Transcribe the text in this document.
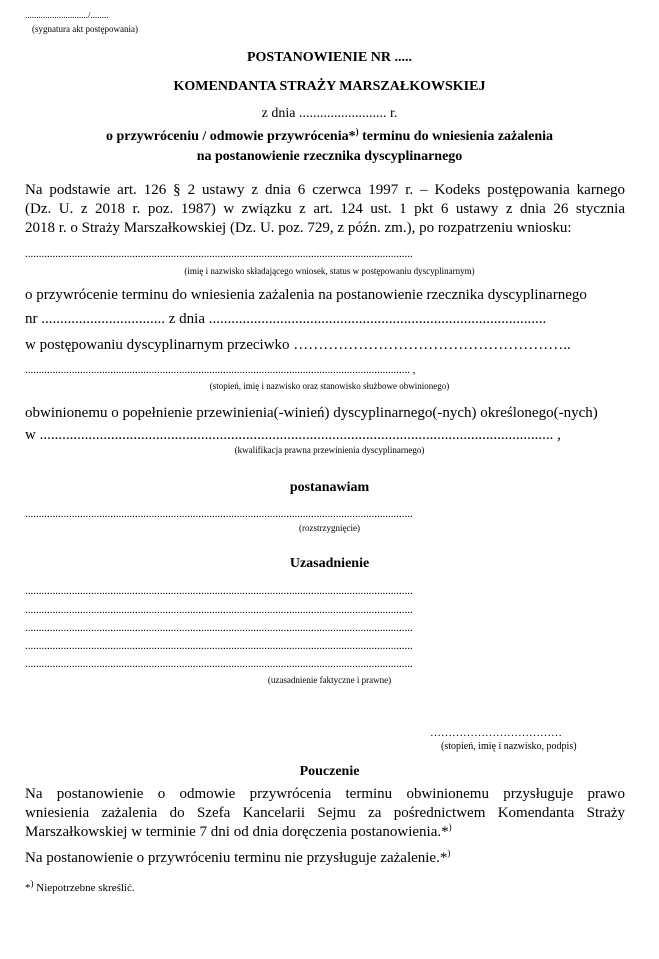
............................/........
(sygnatura akt postępowania)
POSTANOWIENIE NR .....
KOMENDANTA STRAŻY MARSZAŁKOWSKIEJ
z dnia ......................... r.
o przywróceniu / odmowie przywrócenia*) terminu do wniesienia zażalenia
na postanowienie rzecznika dyscyplinarnego
Na podstawie art. 126 § 2 ustawy z dnia 6 czerwca 1997 r. – Kodeks postępowania karnego
(Dz. U. z 2018 r. poz. 1987) w związku z art. 124 ust. 1 pkt 6 ustawy z dnia 26 stycznia
2018 r. o Straży Marszałkowskiej (Dz. U. poz. 729, z późn. zm.), po rozpatrzeniu wniosku:
.............................................................................................................................................
(imię i nazwisko składającego wniosek, status w postępowaniu dyscyplinarnym)
o przywrócenie terminu do wniesienia zażalenia na postanowienie rzecznika dyscyplinarnego
nr ................................. z dnia ..........................................................................................
w postępowaniu dyscyplinarnym przeciwko ………………………………………………..
............................................................................................................................................ ,
(stopień, imię i nazwisko oraz stanowisko służbowe obwinionego)
obwinionemu o popełnienie przewinienia(-winień) dyscyplinarnego(-nych) określonego(-nych)
w ......................................................................................................................................... ,
(kwalifikacja prawna przewinienia dyscyplinarnego)
postanawiam
.............................................................................................................................................
(rozstrzygnięcie)
Uzasadnienie
.............................................................................................................................................
.............................................................................................................................................
.............................................................................................................................................
.............................................................................................................................................
.............................................................................................................................................
(uzasadnienie faktyczne i prawne)
………………………………
(stopień, imię i nazwisko, podpis)
Pouczenie
Na postanowienie o odmowie przywrócenia terminu obwinionemu przysługuje prawo
wniesienia zażalenia do Szefa Kancelarii Sejmu za pośrednictwem Komendanta Straży
Marszałkowskiej w terminie 7 dni od dnia doręczenia postanowienia.*)
Na postanowienie o przywróceniu terminu nie przysługuje zażalenie.*)
*) Niepotrzebne skreślić.
